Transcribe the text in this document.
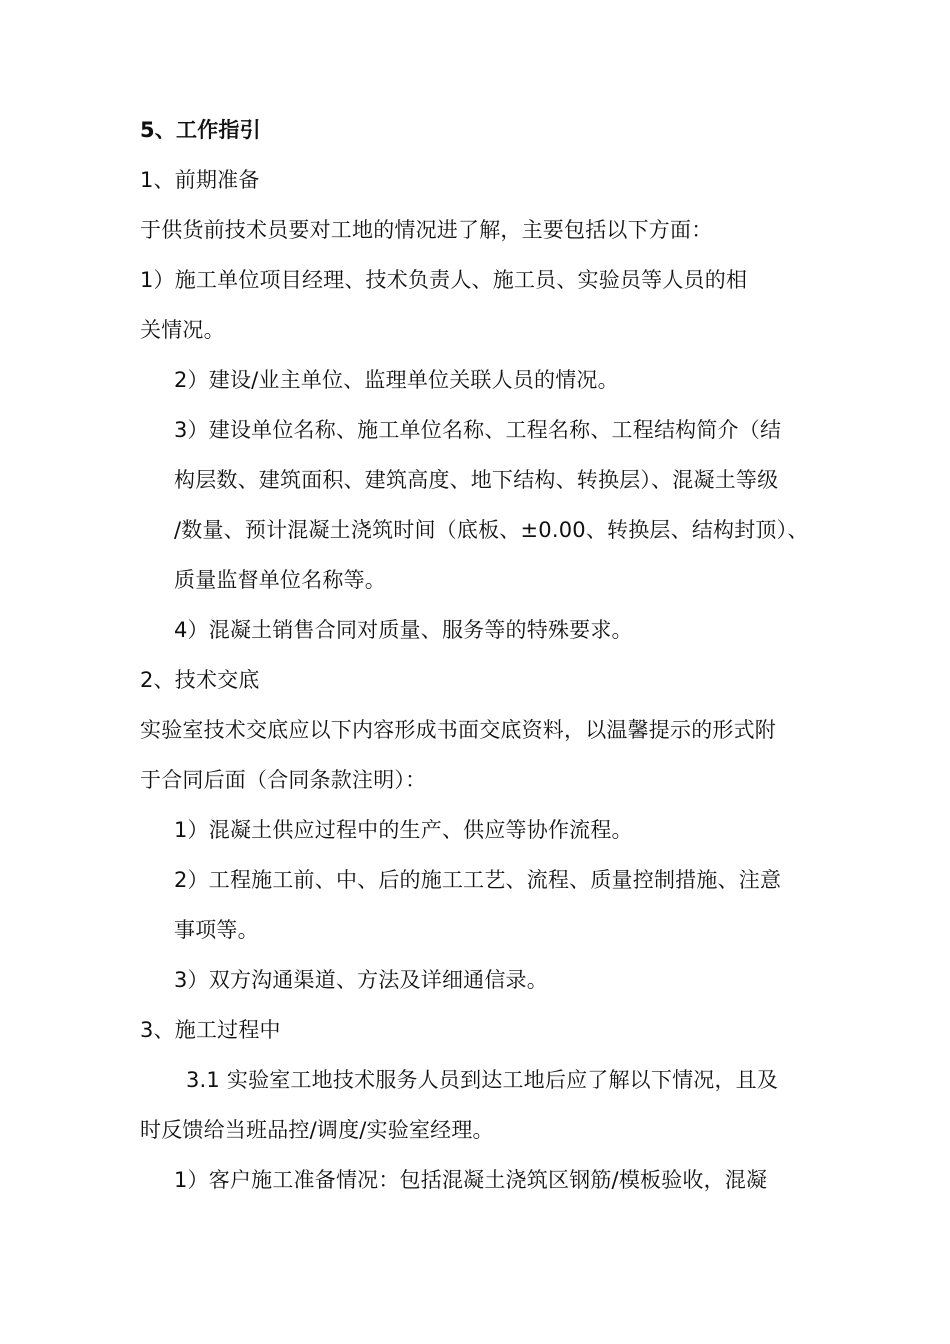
5、工作指引
1、前期准备
于供货前技术员要对工地的情况进了解，主要包括以下方面：
1）施工单位项目经理、技术负责人、施工员、实验员等人员的相
关情况。
2）建设/业主单位、监理单位关联人员的情况。
3）建设单位名称、施工单位名称、工程名称、工程结构简介（结
构层数、建筑面积、建筑高度、地下结构、转换层）、混凝土等级
/数量、预计混凝土浇筑时间（底板、±0.00、转换层、结构封顶）、
质量监督单位名称等。
4）混凝土销售合同对质量、服务等的特殊要求。
2、技术交底
实验室技术交底应以下内容形成书面交底资料，以温馨提示的形式附
于合同后面（合同条款注明）：
1）混凝土供应过程中的生产、供应等协作流程。
2）工程施工前、中、后的施工工艺、流程、质量控制措施、注意
事项等。
3）双方沟通渠道、方法及详细通信录。
3、施工过程中
3.1 实验室工地技术服务人员到达工地后应了解以下情况，且及
时反馈给当班品控/调度/实验室经理。
1）客户施工准备情况：包括混凝土浇筑区钢筋/模板验收，混凝
